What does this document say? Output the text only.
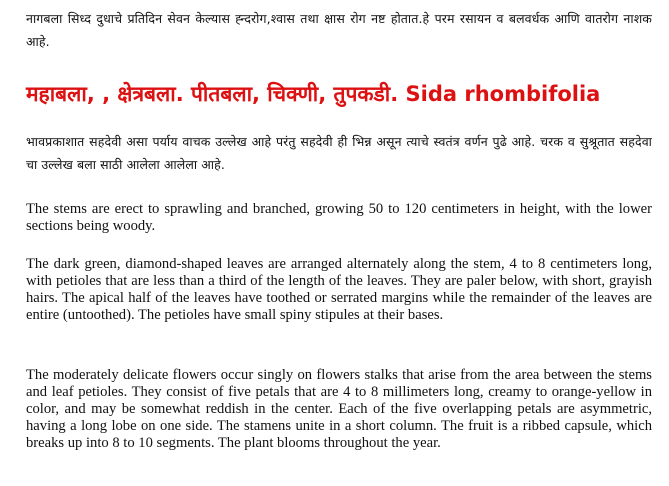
नागबला सिध्द दुधाचे प्रतिदिन सेवन केल्यास ह्न्दरोग,श्वास तथा क्षास रोग नष्ट होतात.हे परम रसायन व बलवर्धक आणि वातरोग नाशक आहे.

महाबला, , क्षेत्रबला. पीतबला, चिक्णी, तुपकडी. Sida rhombifolia

भावप्रकाशात सहदेवी असा पर्याय वाचक उल्लेख आहे परंतु सहदेवी ही भिन्न असून त्याचे स्वतंत्र वर्णन पुढे आहे. चरक व सुश्रूतात सहदेवा चा उल्लेख बला साठी आलेला आलेला आहे.

The stems are erect to sprawling and branched, growing 50 to 120 centimeters in height, with the lower sections being woody.

The dark green, diamond-shaped leaves are arranged alternately along the stem, 4 to 8 centimeters long, with petioles that are less than a third of the length of the leaves. They are paler below, with short, grayish hairs. The apical half of the leaves have toothed or serrated margins while the remainder of the leaves are entire (untoothed). The petioles have small spiny stipules at their bases.

The moderately delicate flowers occur singly on flowers stalks that arise from the area between the stems and leaf petioles. They consist of five petals that are 4 to 8 millimeters long, creamy to orange-yellow in color, and may be somewhat reddish in the center. Each of the five overlapping petals are asymmetric, having a long lobe on one side. The stamens unite in a short column. The fruit is a ribbed capsule, which breaks up into 8 to 10 segments. The plant blooms throughout the year.
